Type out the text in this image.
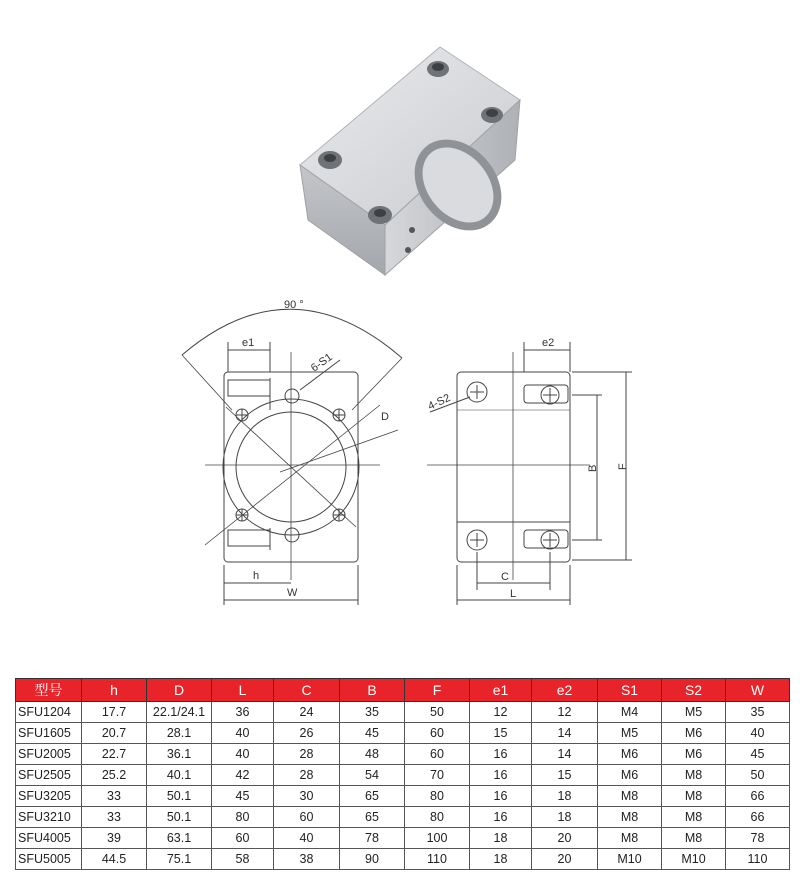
90 °
e1
6-S1
D
h
W
e2
4-S2
B F
C
L
型号	h	D	L	C	B	F	e1	e2	S1	S2	W
SFU1204	17.7	22.1/24.1	36	24	35	50	12	12	M4	M5	35
SFU1605	20.7	28.1	40	26	45	60	15	14	M5	M6	40
SFU2005	22.7	36.1	40	28	48	60	16	14	M6	M6	45
SFU2505	25.2	40.1	42	28	54	70	16	15	M6	M8	50
SFU3205	33	50.1	45	30	65	80	16	18	M8	M8	66
SFU3210	33	50.1	80	60	65	80	16	18	M8	M8	66
SFU4005	39	63.1	60	40	78	100	18	20	M8	M8	78
SFU5005	44.5	75.1	58	38	90	110	18	20	M10	M10	110
